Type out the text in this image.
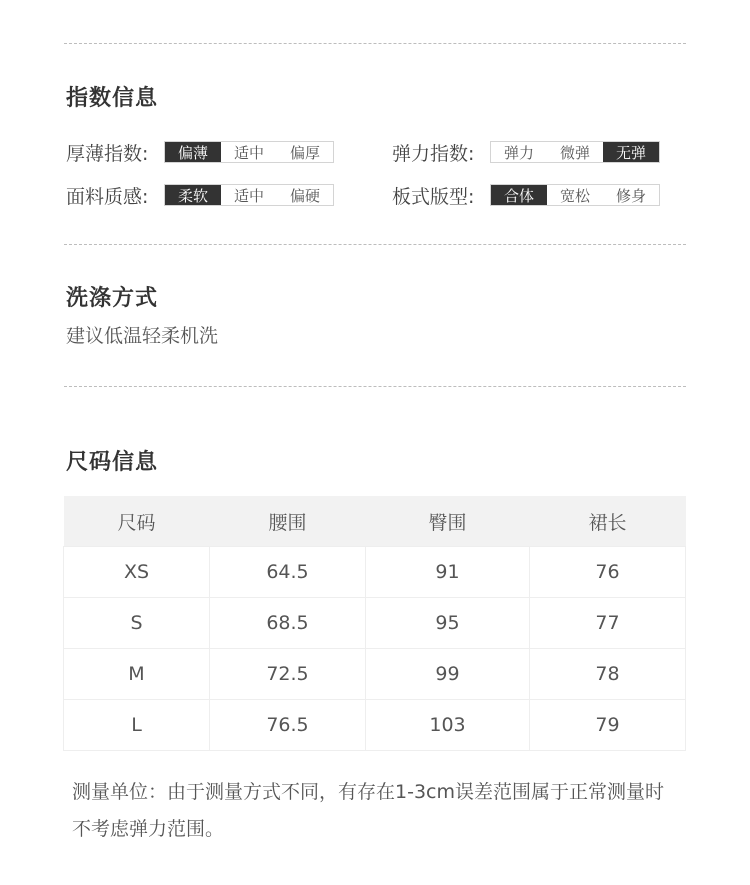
指数信息
厚薄指数:	偏薄	适中	偏厚	弹力指数:	弹力	微弹	无弹
面料质感:	柔软	适中	偏硬	板式版型:	合体	宽松	修身
洗涤方式
建议低温轻柔机洗
尺码信息
尺码	腰围	臀围	裙长
XS	64.5	91	76
S	68.5	95	77
M	72.5	99	78
L	76.5	103	79
测量单位：由于测量方式不同，有存在1-3cm误差范围属于正常测量时不考虑弹力范围。
